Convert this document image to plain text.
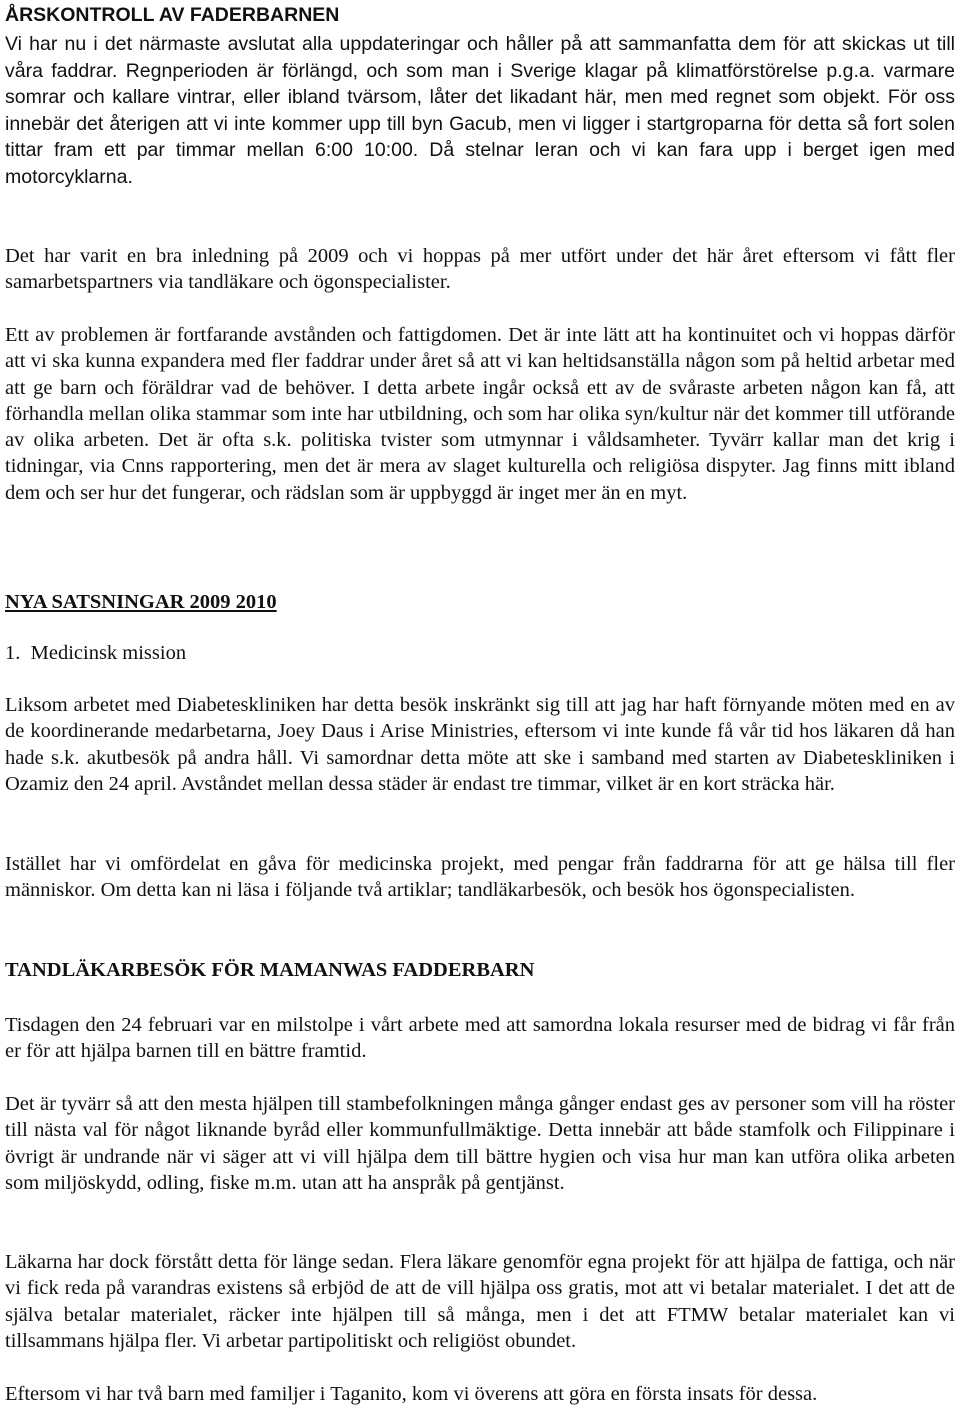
ÅRSKONTROLL AV FADERBARNEN

Vi har nu i det närmaste avslutat alla uppdateringar och håller på att sammanfatta dem för att skickas ut till våra faddrar. Regnperioden är förlängd, och som man i Sverige klagar på klimatförstörelse p.g.a. varmare somrar och kallare vintrar, eller ibland tvärsom, låter det likadant här, men med regnet som objekt. För oss innebär det återigen att vi inte kommer upp till byn Gacub, men vi ligger i startgroparna för detta så fort solen tittar fram ett par timmar mellan 6:00 10:00. Då stelnar leran och vi kan fara upp i berget igen med motorcyklarna.

Det har varit en bra inledning på 2009 och vi hoppas på mer utfört under det här året eftersom vi fått fler samarbetspartners via tandläkare och ögonspecialister.

Ett av problemen är fortfarande avstånden och fattigdomen. Det är inte lätt att ha kontinuitet och vi hoppas därför att vi ska kunna expandera med fler faddrar under året så att vi kan heltidsanställa någon som på heltid arbetar med att ge barn och föräldrar vad de behöver. I detta arbete ingår också ett av de svåraste arbeten någon kan få, att förhandla mellan olika stammar som inte har utbildning, och som har olika syn/kultur när det kommer till utförande av olika arbeten. Det är ofta s.k. politiska tvister som utmynnar i våldsamheter. Tyvärr kallar man det krig i tidningar, via Cnns rapportering, men det är mera av slaget kulturella och religiösa dispyter. Jag finns mitt ibland dem och ser hur det fungerar, och rädslan som är uppbyggd är inget mer än en myt.

NYA SATSNINGAR 2009 2010

1.  Medicinsk mission

Liksom arbetet med Diabeteskliniken har detta besök inskränkt sig till att jag har haft förnyande möten med en av de koordinerande medarbetarna, Joey Daus i Arise Ministries, eftersom vi inte kunde få vår tid hos läkaren då han hade s.k. akutbesök på andra håll. Vi samordnar detta möte att ske i samband med starten av Diabeteskliniken i Ozamiz den 24 april. Avståndet mellan dessa städer är endast tre timmar, vilket är en kort sträcka här.

Istället har vi omfördelat en gåva för medicinska projekt, med pengar från faddrarna för att ge hälsa till fler människor. Om detta kan ni läsa i följande två artiklar; tandläkarbesök, och besök hos ögonspecialisten.

TANDLÄKARBESÖK FÖR MAMANWAS FADDERBARN

Tisdagen den 24 februari var en milstolpe i vårt arbete med att samordna lokala resurser med de bidrag vi får från er för att hjälpa barnen till en bättre framtid.

Det är tyvärr så att den mesta hjälpen till stambefolkningen många gånger endast ges av personer som vill ha röster till nästa val för något liknande byråd eller kommunfullmäktige. Detta innebär att både stamfolk och Filippinare i övrigt är undrande när vi säger att vi vill hjälpa dem till bättre hygien och visa hur man kan utföra olika arbeten som miljöskydd, odling, fiske m.m. utan att ha anspråk på gentjänst.

Läkarna har dock förstått detta för länge sedan. Flera läkare genomför egna projekt för att hjälpa de fattiga, och när vi fick reda på varandras existens så erbjöd de att de vill hjälpa oss gratis, mot att vi betalar materialet. I det att de själva betalar materialet, räcker inte hjälpen till så många, men i det att FTMW betalar materialet kan vi tillsammans hjälpa fler. Vi arbetar partipolitiskt och religiöst obundet.

Eftersom vi har två barn med familjer i Taganito, kom vi överens att göra en första insats för dessa.
